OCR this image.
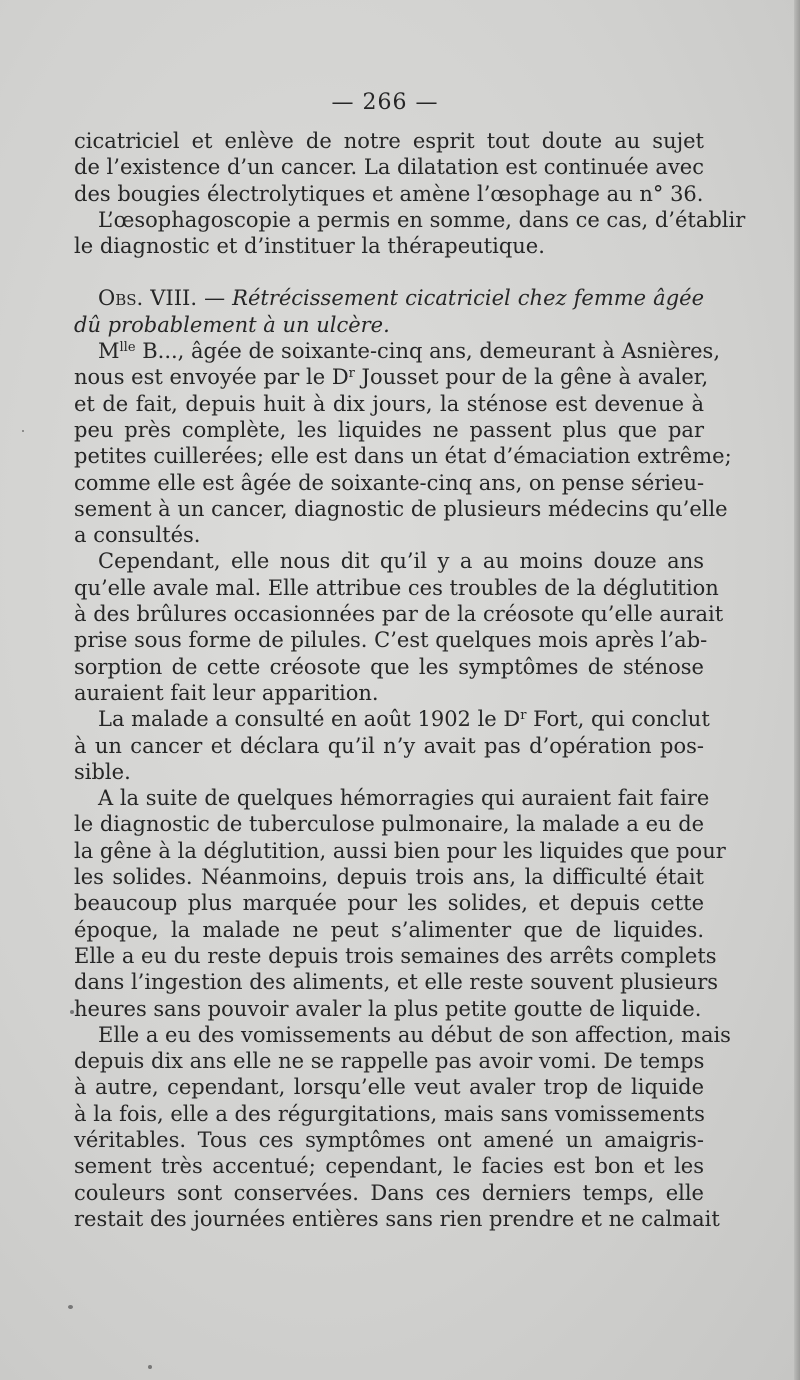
— 266 —
cicatriciel et enlève de notre esprit tout doute au sujet
de l’existence d’un cancer. La dilatation est continuée avec
des bougies électrolytiques et amène l’œsophage au n° 36.
L’œsophagoscopie a permis en somme, dans ce cas, d’établir
le diagnostic et d’instituer la thérapeutique.
Obs. VIII. — Rétrécissement cicatriciel chez femme âgée
dû probablement à un ulcère.
$M^{lle}$ B..., âgée de soixante-cinq ans, demeurant à Asnières,
nous est envoyée par le $D^r$ Jousset pour de la gêne à avaler,
et de fait, depuis huit à dix jours, la sténose est devenue à
peu près complète, les liquides ne passent plus que par
petites cuillerées; elle est dans un état d’émaciation extrême;
comme elle est âgée de soixante-cinq ans, on pense sérieu-
sement à un cancer, diagnostic de plusieurs médecins qu’elle
a consultés.
Cependant, elle nous dit qu’il y a au moins douze ans
qu’elle avale mal. Elle attribue ces troubles de la déglutition
à des brûlures occasionnées par de la créosote qu’elle aurait
prise sous forme de pilules. C’est quelques mois après l’ab-
sorption de cette créosote que les symptômes de sténose
auraient fait leur apparition.
La malade a consulté en août 1902 le $D^r$ Fort, qui conclut
à un cancer et déclara qu’il n’y avait pas d’opération pos-
sible.
A la suite de quelques hémorragies qui auraient fait faire
le diagnostic de tuberculose pulmonaire, la malade a eu de
la gêne à la déglutition, aussi bien pour les liquides que pour
les solides. Néanmoins, depuis trois ans, la difficulté était
beaucoup plus marquée pour les solides, et depuis cette
époque, la malade ne peut s’alimenter que de liquides.
Elle a eu du reste depuis trois semaines des arrêts complets
dans l’ingestion des aliments, et elle reste souvent plusieurs
heures sans pouvoir avaler la plus petite goutte de liquide.
Elle a eu des vomissements au début de son affection, mais
depuis dix ans elle ne se rappelle pas avoir vomi. De temps
à autre, cependant, lorsqu’elle veut avaler trop de liquide
à la fois, elle a des régurgitations, mais sans vomissements
véritables. Tous ces symptômes ont amené un amaigris-
sement très accentué; cependant, le facies est bon et les
couleurs sont conservées. Dans ces derniers temps, elle
restait des journées entières sans rien prendre et ne calmait
